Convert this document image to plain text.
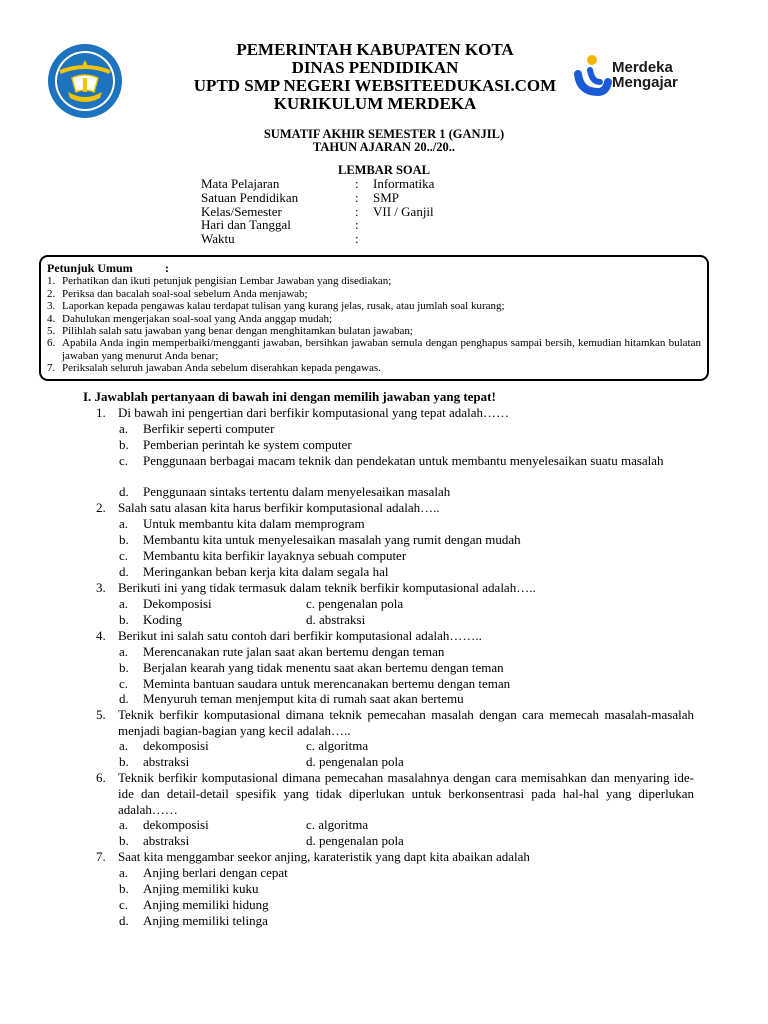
PEMERINTAH KABUPATEN KOTA
DINAS PENDIDIKAN
UPTD SMP NEGERI WEBSITEEDUKASI.COM
KURIKULUM MERDEKA
Merdeka
Mengajar
SUMATIF AKHIR SEMESTER 1 (GANJIL)
TAHUN AJARAN 20../20..
LEMBAR SOAL
Mata Pelajaran	:	Informatika
Satuan Pendidikan	:	SMP
Kelas/Semester	:	VII / Ganjil
Hari dan Tanggal	:
Waktu	:
Petunjuk Umum	:
1. Perhatikan dan ikuti petunjuk pengisian Lembar Jawaban yang disediakan;
2. Periksa dan bacalah soal-soal sebelum Anda menjawab;
3. Laporkan kepada pengawas kalau terdapat tulisan yang kurang jelas, rusak, atau jumlah soal kurang;
4. Dahulukan mengerjakan soal-soal yang Anda anggap mudah;
5. Pilihlah salah satu jawaban yang benar dengan menghitamkan bulatan jawaban;
6. Apabila Anda ingin memperbaiki/mengganti jawaban, bersihkan jawaban semula dengan penghapus sampai bersih, kemudian hitamkan bulatan jawaban yang menurut Anda benar;
7. Periksalah seluruh jawaban Anda sebelum diserahkan kepada pengawas.
I. Jawablah pertanyaan di bawah ini dengan memilih jawaban yang tepat!
1. Di bawah ini pengertian dari berfikir komputasional yang tepat adalah……
a.	Berfikir seperti computer
b.	Pemberian perintah ke system computer
c.	Penggunaan berbagai macam teknik dan pendekatan untuk membantu menyelesaikan suatu masalah
d.	Penggunaan sintaks tertentu dalam menyelesaikan masalah
2. Salah satu alasan kita harus berfikir komputasional adalah…..
a.	Untuk membantu kita dalam memprogram
b.	Membantu kita untuk menyelesaikan masalah yang rumit dengan mudah
c.	Membantu kita berfikir layaknya sebuah computer
d.	Meringankan beban kerja kita dalam segala hal
3. Berikuti ini yang tidak termasuk dalam teknik berfikir komputasional adalah…..
a.	Dekomposisi	c. pengenalan pola
b.	Koding	d. abstraksi
4. Berikut ini salah satu contoh dari berfikir komputasional adalah……..
a.	Merencanakan rute jalan saat akan bertemu dengan teman
b.	Berjalan kearah yang tidak menentu saat akan bertemu dengan teman
c.	Meminta bantuan saudara untuk merencanakan bertemu dengan teman
d.	Menyuruh teman menjemput kita di rumah saat akan bertemu
5. Teknik berfikir komputasional dimana teknik pemecahan masalah dengan cara memecah masalah-masalah menjadi bagian-bagian yang kecil adalah…..
a.	dekomposisi	c. algoritma
b.	abstraksi	d. pengenalan pola
6. Teknik berfikir komputasional dimana pemecahan masalahnya dengan cara memisahkan dan menyaring ide-ide dan detail-detail spesifik yang tidak diperlukan untuk berkonsentrasi pada hal-hal yang diperlukan adalah……
a.	dekomposisi	c. algoritma
b.	abstraksi	d. pengenalan pola
7. Saat kita menggambar seekor anjing, karateristik yang dapt kita abaikan adalah
a.	Anjing berlari dengan cepat
b.	Anjing memiliki kuku
c.	Anjing memiliki hidung
d.	Anjing memiliki telinga
